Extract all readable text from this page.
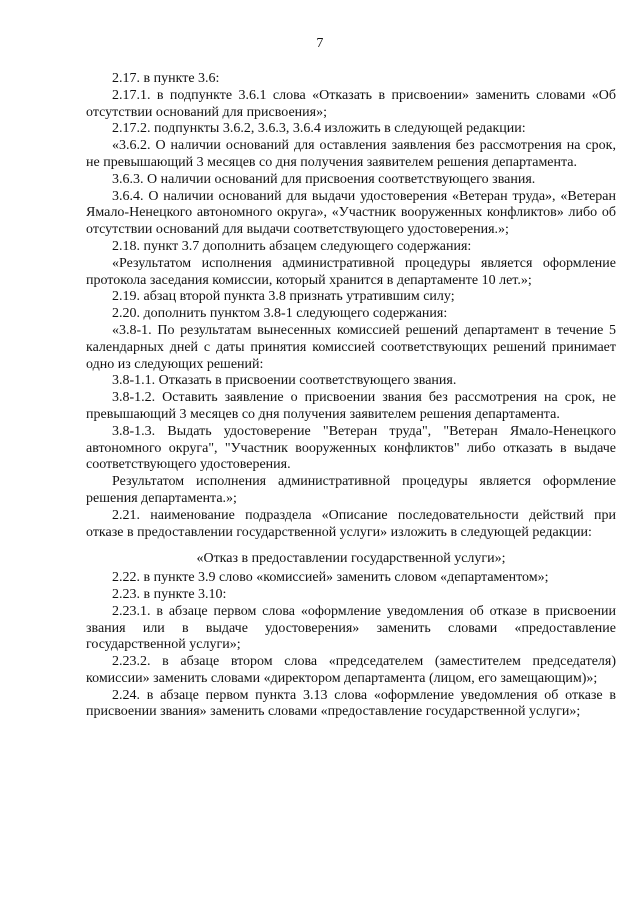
7

2.17. в пункте 3.6:

2.17.1. в подпункте 3.6.1 слова «Отказать в присвоении» заменить словами «Об отсутствии оснований для присвоения»;

2.17.2. подпункты 3.6.2, 3.6.3, 3.6.4 изложить в следующей редакции:

«3.6.2. О наличии оснований для оставления заявления без рассмотрения на срок, не превышающий 3 месяцев со дня получения заявителем решения департамента.

3.6.3. О наличии оснований для присвоения соответствующего звания.

3.6.4. О наличии оснований для выдачи удостоверения «Ветеран труда», «Ветеран Ямало-Ненецкого автономного округа», «Участник вооруженных конфликтов» либо об отсутствии оснований для выдачи соответствующего удостоверения.»;

2.18. пункт 3.7 дополнить абзацем следующего содержания:

«Результатом исполнения административной процедуры является оформление протокола заседания комиссии, который хранится в департаменте 10 лет.»;

2.19. абзац второй пункта 3.8 признать утратившим силу;

2.20. дополнить пунктом 3.8-1 следующего содержания:

«3.8-1. По результатам вынесенных комиссией решений департамент в течение 5 календарных дней с даты принятия комиссией соответствующих решений принимает одно из следующих решений:

3.8-1.1. Отказать в присвоении соответствующего звания.

3.8-1.2. Оставить заявление о присвоении звания без рассмотрения на срок, не превышающий 3 месяцев со дня получения заявителем решения департамента.

3.8-1.3. Выдать удостоверение "Ветеран труда", "Ветеран Ямало-Ненецкого автономного округа", "Участник вооруженных конфликтов" либо отказать в выдаче соответствующего удостоверения.

Результатом исполнения административной процедуры является оформление решения департамента.»;

2.21. наименование подраздела «Описание последовательности действий при отказе в предоставлении государственной услуги» изложить в следующей редакции:

«Отказ в предоставлении государственной услуги»;

2.22. в пункте 3.9 слово «комиссией» заменить словом «департаментом»;

2.23. в пункте 3.10:

2.23.1. в абзаце первом слова «оформление уведомления об отказе в присвоении звания или в выдаче удостоверения» заменить словами «предоставление государственной услуги»;

2.23.2. в абзаце втором слова «председателем (заместителем председателя) комиссии» заменить словами «директором департамента (лицом, его замещающим)»;

2.24. в абзаце первом пункта 3.13 слова «оформление уведомления об отказе в присвоении звания» заменить словами «предоставление государственной услуги»;
